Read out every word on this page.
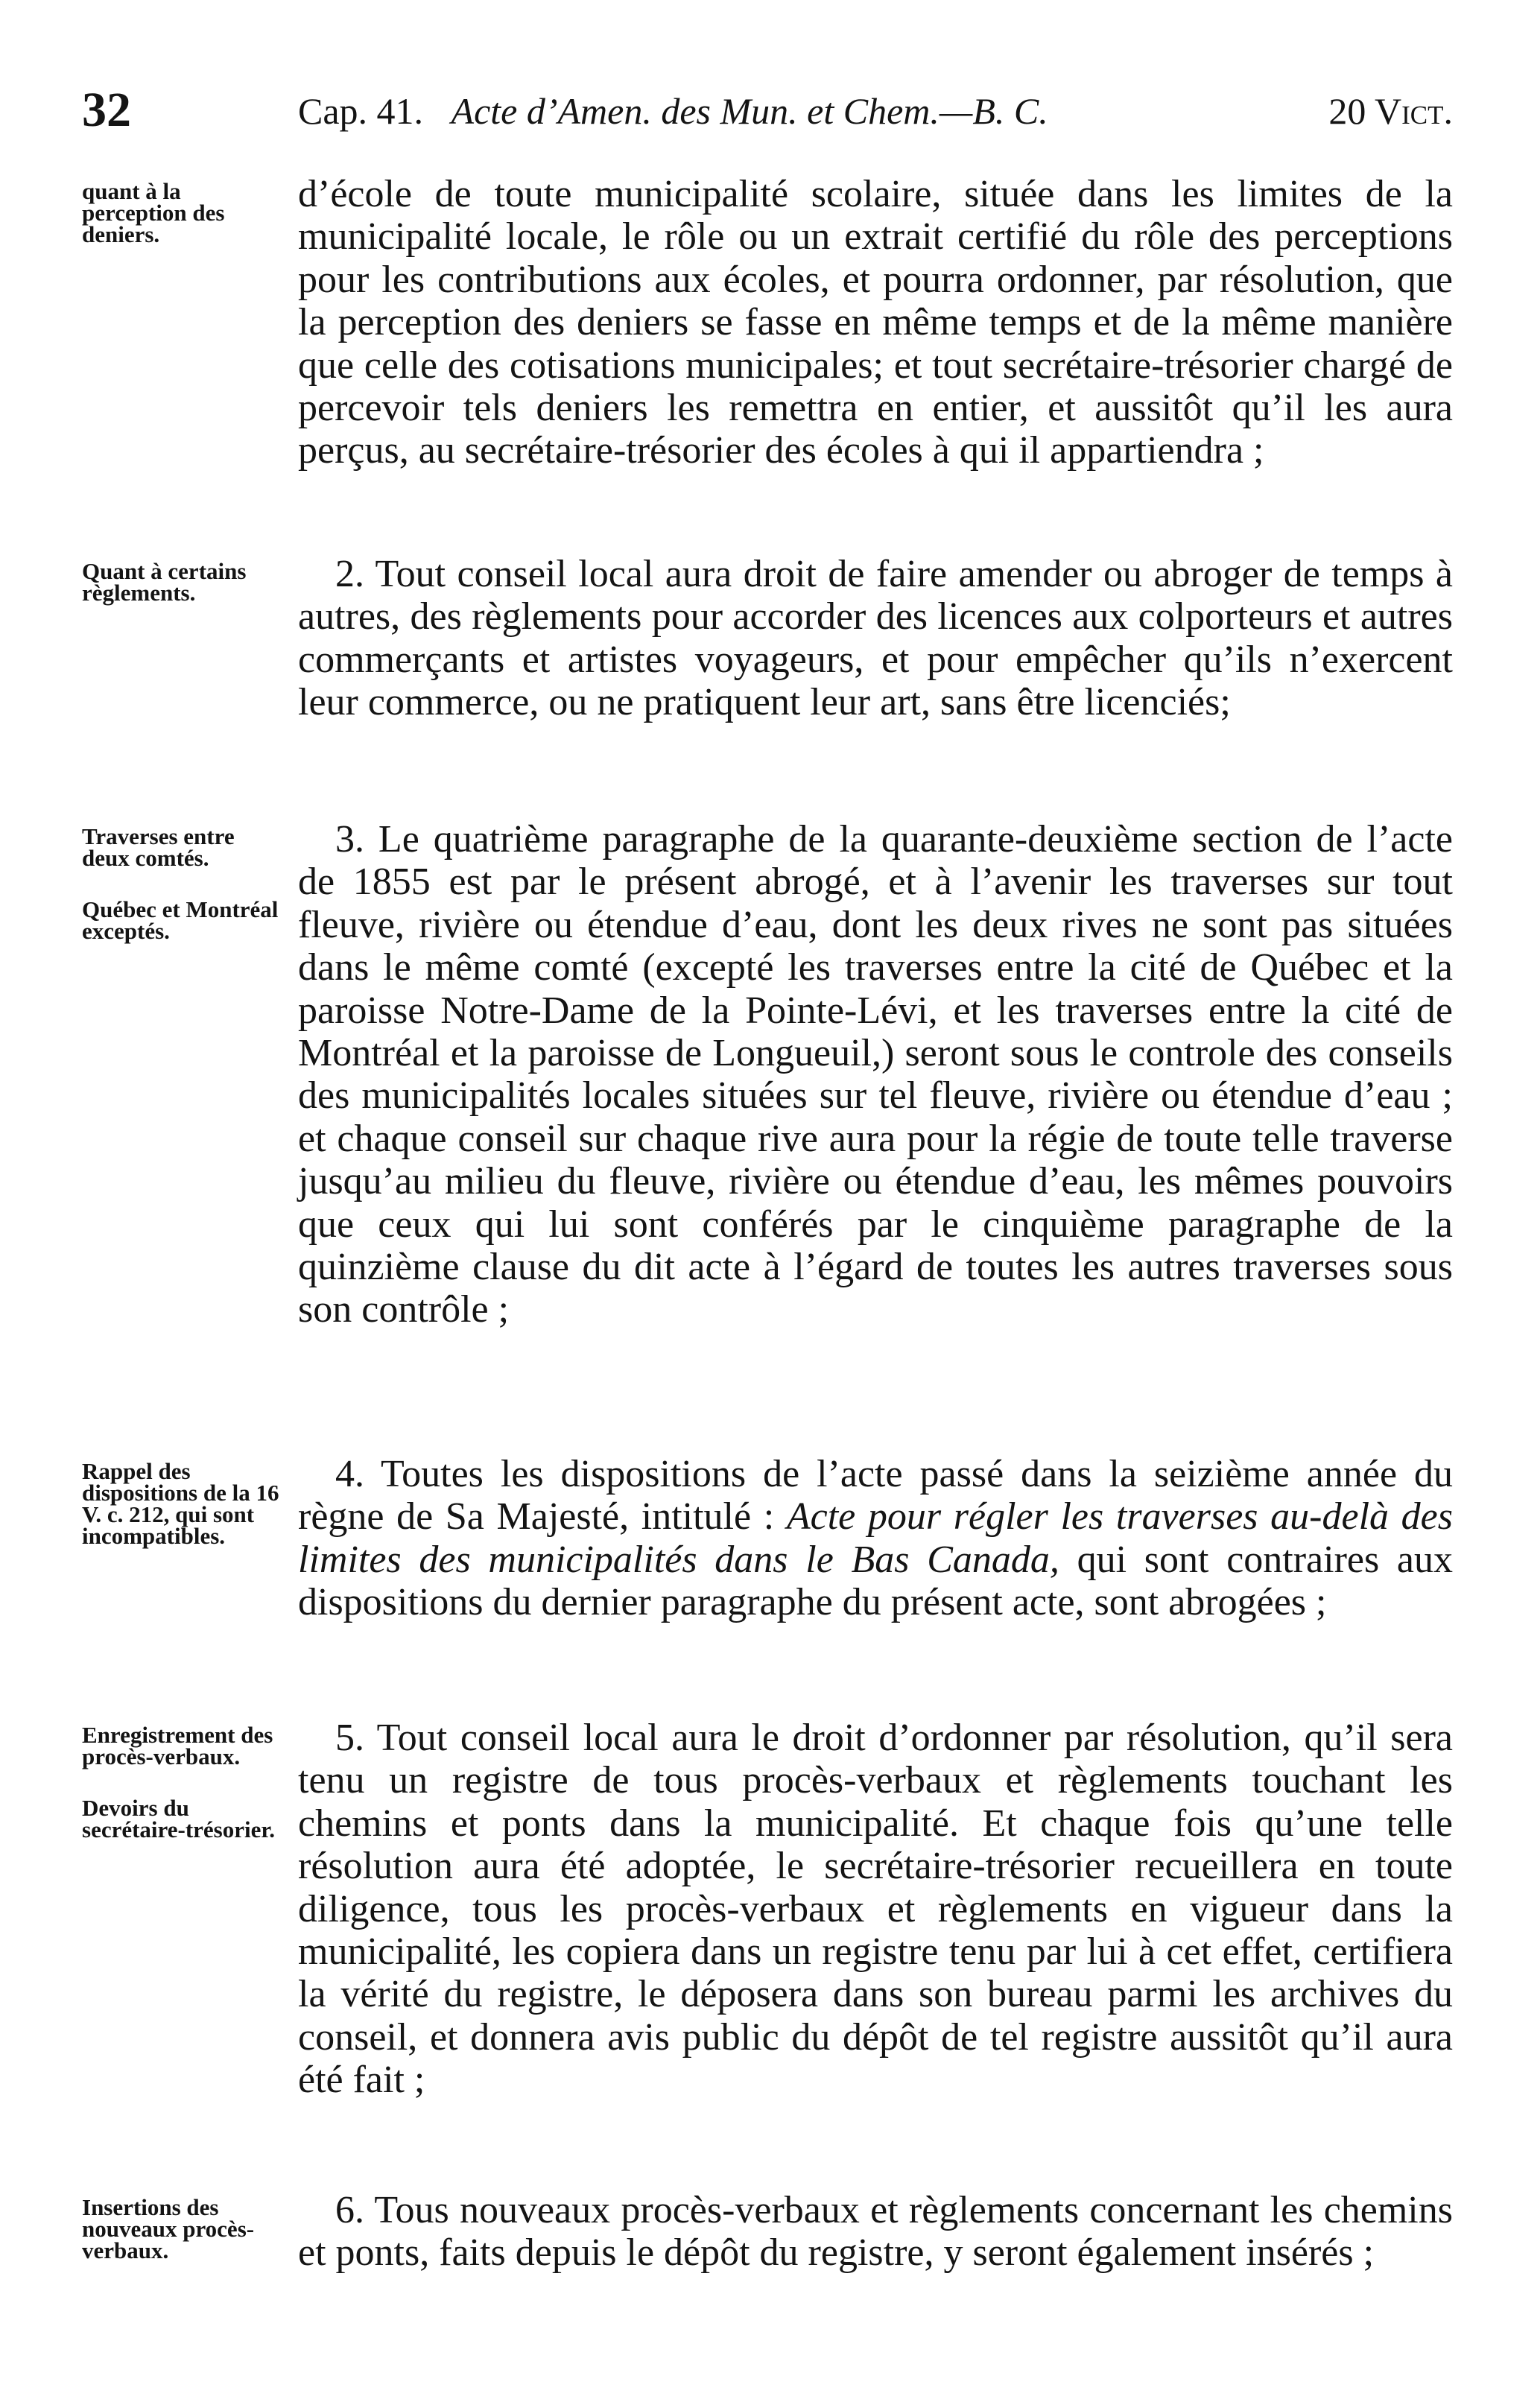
32	Cap. 41. Acte d’Amen. des Mun. et Chem.—B. C.	20 Vict.
quant à la perception des deniers.

d’école de toute municipalité scolaire, située dans les limites de la municipalité locale, le rôle ou un extrait certifié du rôle des perceptions pour les contributions aux écoles, et pourra ordonner, par résolution, que la perception des deniers se fasse en même temps et de la même manière que celle des cotisations municipales; et tout secrétaire-trésorier chargé de percevoir tels deniers les remettra en entier, et aussitôt qu’il les aura perçus, au secrétaire-trésorier des écoles à qui il appartiendra ;

Quant à certains règlements.	2. Tout conseil local aura droit de faire amender ou abroger de temps à autres, des règlements pour accorder des licences aux colporteurs et autres commerçants et artistes voyageurs, et pour empêcher qu’ils n’exercent leur commerce, ou ne pratiquent leur art, sans être licenciés;

Traverses entre deux comtés.
Québec et Montréal exceptés.

3. Le quatrième paragraphe de la quarante-deuxième section de l’acte de 1855 est par le présent abrogé, et à l’avenir les traverses sur tout fleuve, rivière ou étendue d’eau, dont les deux rives ne sont pas situées dans le même comté (excepté les traverses entre la cité de Québec et la paroisse Notre-Dame de la Pointe-Lévi, et les traverses entre la cité de Montréal et la paroisse de Longueuil,) seront sous le controle des conseils des municipalités locales situées sur tel fleuve, rivière ou étendue d’eau ; et chaque conseil sur chaque rive aura pour la régie de toute telle traverse jusqu’au milieu du fleuve, rivière ou étendue d’eau, les mêmes pouvoirs que ceux qui lui sont conférés par le cinquième paragraphe de la quinzième clause du dit acte à l’égard de toutes les autres traverses sous son contrôle ;

Rappel des dispositions de la 16 V. c. 212, qui sont incompatibles.

4. Toutes les dispositions de l’acte passé dans la seizième année du règne de Sa Majesté, intitulé : Acte pour régler les traverses au-delà des limites des municipalités dans le Bas Canada, qui sont contraires aux dispositions du dernier paragraphe du présent acte, sont abrogées ;

Enregistrement des procès-verbaux.
Devoirs du secrétaire-trésorier.

5. Tout conseil local aura le droit d’ordonner par résolution, qu’il sera tenu un registre de tous procès-verbaux et règlements touchant les chemins et ponts dans la municipalité. Et chaque fois qu’une telle résolution aura été adoptée, le secrétaire-trésorier recueillera en toute diligence, tous les procès-verbaux et règlements en vigueur dans la municipalité, les copiera dans un registre tenu par lui à cet effet, certifiera la vérité du registre, le déposera dans son bureau parmi les archives du conseil, et donnera avis public du dépôt de tel registre aussitôt qu’il aura été fait ;

Insertions des nouveaux procès-verbaux.

6. Tous nouveaux procès-verbaux et règlements concernant les chemins et ponts, faits depuis le dépôt du registre, y seront également insérés ;
